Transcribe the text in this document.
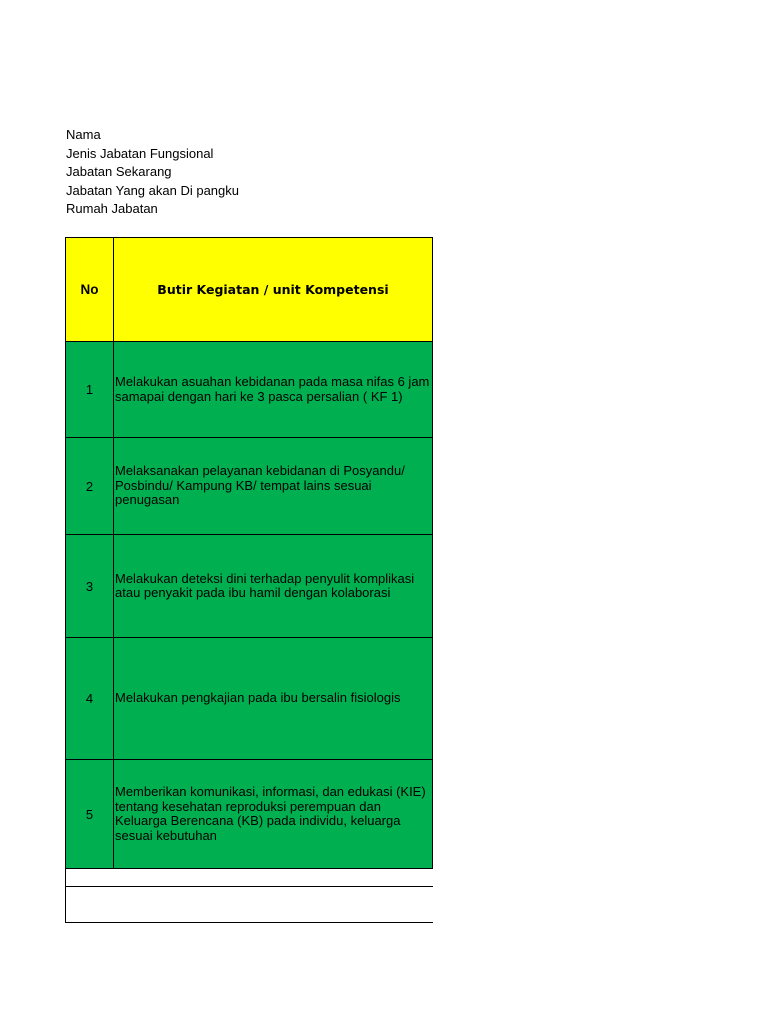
Nama
Jenis Jabatan Fungsional
Jabatan Sekarang
Jabatan Yang akan Di pangku
Rumah Jabatan
No	Butir Kegiatan / unit Kompetensi
1	Melakukan asuahan kebidanan pada masa nifas 6 jam samapai dengan hari ke 3 pasca persalian ( KF 1)
2	Melaksanakan pelayanan kebidanan di Posyandu/ Posbindu/ Kampung KB/ tempat lains sesuai penugasan
3	Melakukan deteksi dini terhadap penyulit komplikasi atau penyakit pada ibu hamil dengan kolaborasi
4	Melakukan pengkajian pada ibu bersalin fisiologis
5	Memberikan komunikasi, informasi, dan edukasi (KIE) tentang kesehatan reproduksi perempuan dan Keluarga Berencana (KB) pada individu, keluarga sesuai kebutuhan
